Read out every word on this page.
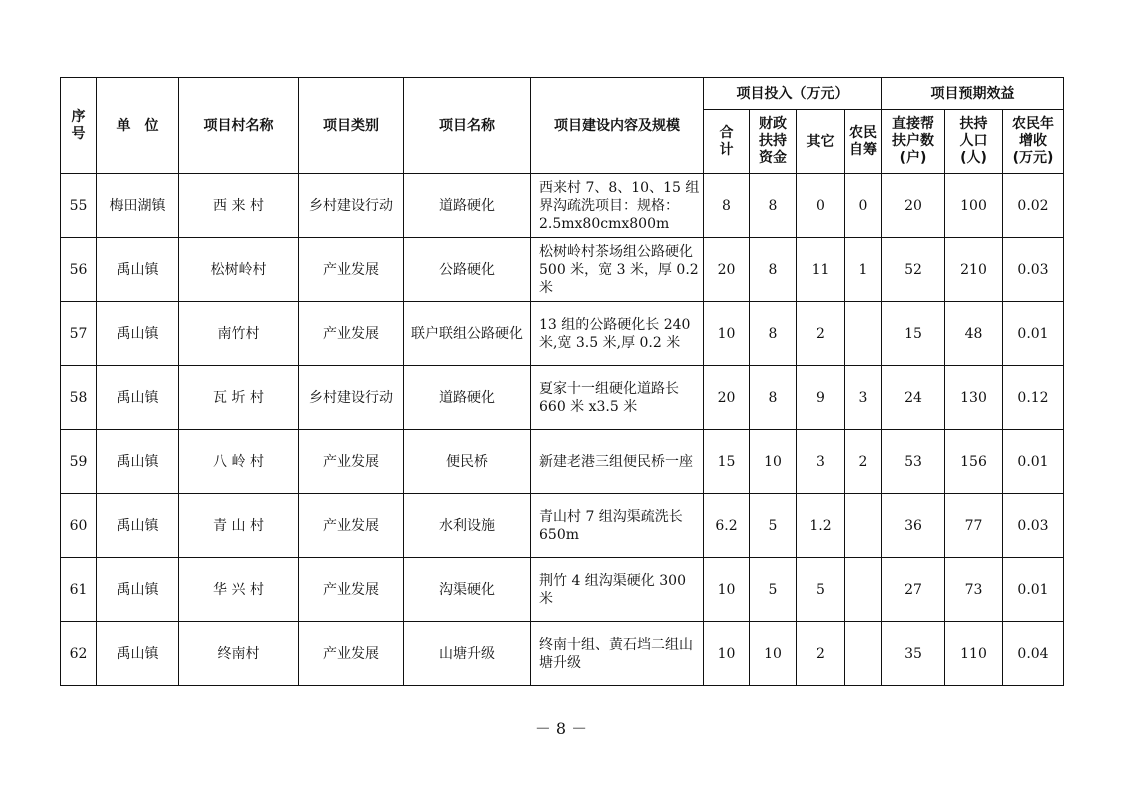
序号	单　位	项目村名称	项目类别	项目名称	项目建设内容及规模	项目投入（万元）				项目预期效益		

						合计	财政扶持资金	其它	农民自筹	直接帮扶户数(户)	扶持人口(人)	农民年增收(万元)

55	梅田湖镇	西 来 村	乡村建设行动	道路硬化	西来村 7、8、10、15 组界沟疏洗项目：规格：2.5mx80cmx800m	8	8	0	0	20	100	0.02
56	禹山镇	松树岭村	产业发展	公路硬化	松树岭村茶场组公路硬化 500 米，宽 3 米，厚 0.2 米	20	8	11	1	52	210	0.03
57	禹山镇	南竹村	产业发展	联户联组公路硬化	13 组的公路硬化长 240 米,宽 3.5 米,厚 0.2 米	10	8	2		15	48	0.01
58	禹山镇	瓦 圻 村	乡村建设行动	道路硬化	夏家十一组硬化道路长 660 米 x3.5 米	20	8	9	3	24	130	0.12
59	禹山镇	八 岭 村	产业发展	便民桥	新建老港三组便民桥一座	15	10	3	2	53	156	0.01
60	禹山镇	青 山 村	产业发展	水利设施	青山村 7 组沟渠疏洗长 650m	6.2	5	1.2		36	77	0.03
61	禹山镇	华 兴 村	产业发展	沟渠硬化	荆竹 4 组沟渠硬化 300 米	10	5	5		27	73	0.01
62	禹山镇	终南村	产业发展	山塘升级	终南十组、黄石垱二组山塘升级	10	10	2		35	110	0.04
－ 8 －
